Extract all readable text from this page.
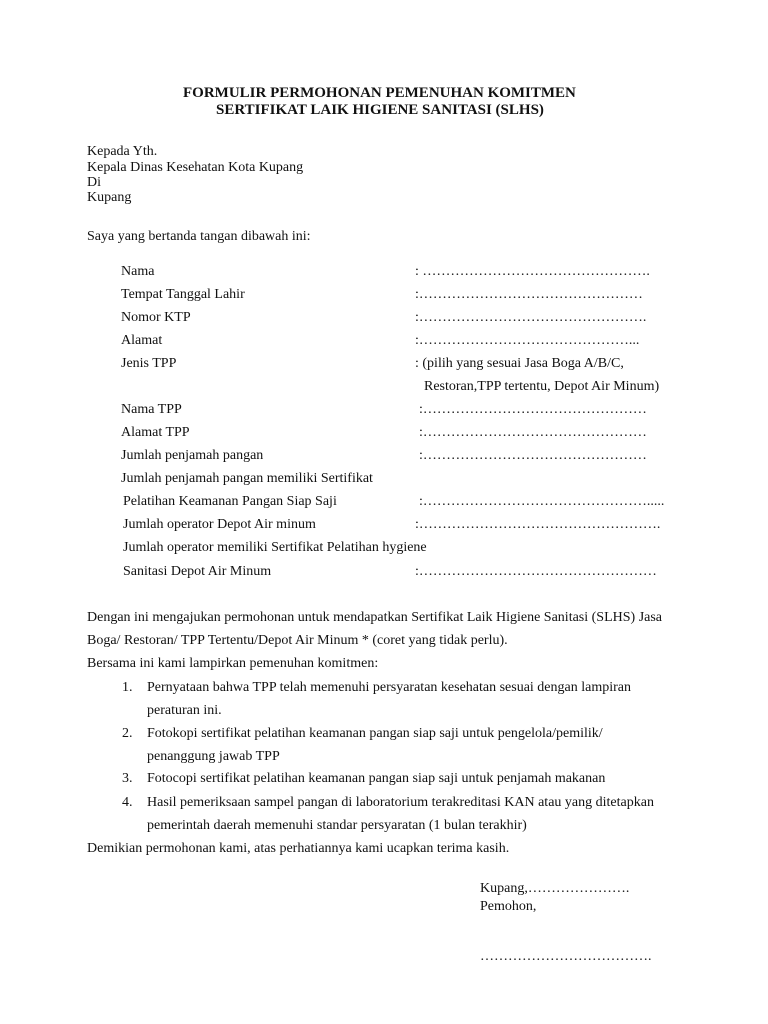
FORMULIR PERMOHONAN PEMENUHAN KOMITMEN
SERTIFIKAT LAIK HIGIENE SANITASI (SLHS)
Kepada Yth.
Kepala Dinas Kesehatan Kota Kupang
Di
Kupang
Saya yang bertanda tangan dibawah ini:
Nama	: ………………………………………….
Tempat Tanggal Lahir	:…………………………………………
Nomor KTP	:………………………………………….
Alamat	:………………………………………...
Jenis TPP	: (pilih yang sesuai Jasa Boga A/B/C,
Restoran,TPP tertentu, Depot Air Minum)
Nama TPP	:…………………………………………
Alamat TPP	:…………………………………………
Jumlah penjamah pangan	:…………………………………………
Jumlah penjamah pangan memiliki Sertifikat
Pelatihan Keamanan Pangan Siap Saji	:………………………………………….....
Jumlah operator Depot Air minum	:…………………………………………….
Jumlah operator memiliki Sertifikat Pelatihan hygiene
Sanitasi Depot Air Minum	:……………………………………………
Dengan ini mengajukan permohonan untuk mendapatkan Sertifikat Laik Higiene Sanitasi (SLHS) Jasa
Boga/ Restoran/ TPP Tertentu/Depot Air Minum * (coret yang tidak perlu).
Bersama ini kami lampirkan pemenuhan komitmen:
1. Pernyataan bahwa TPP telah memenuhi persyaratan kesehatan sesuai dengan lampiran
peraturan ini.
2. Fotokopi sertifikat pelatihan keamanan pangan siap saji untuk pengelola/pemilik/
penanggung jawab TPP
3. Fotocopi sertifikat pelatihan keamanan pangan siap saji untuk penjamah makanan
4. Hasil pemeriksaan sampel pangan di laboratorium terakreditasi KAN atau yang ditetapkan
pemerintah daerah memenuhi standar persyaratan (1 bulan terakhir)
Demikian permohonan kami, atas perhatiannya kami ucapkan terima kasih.
Kupang,………………….
Pemohon,
……………………………….
